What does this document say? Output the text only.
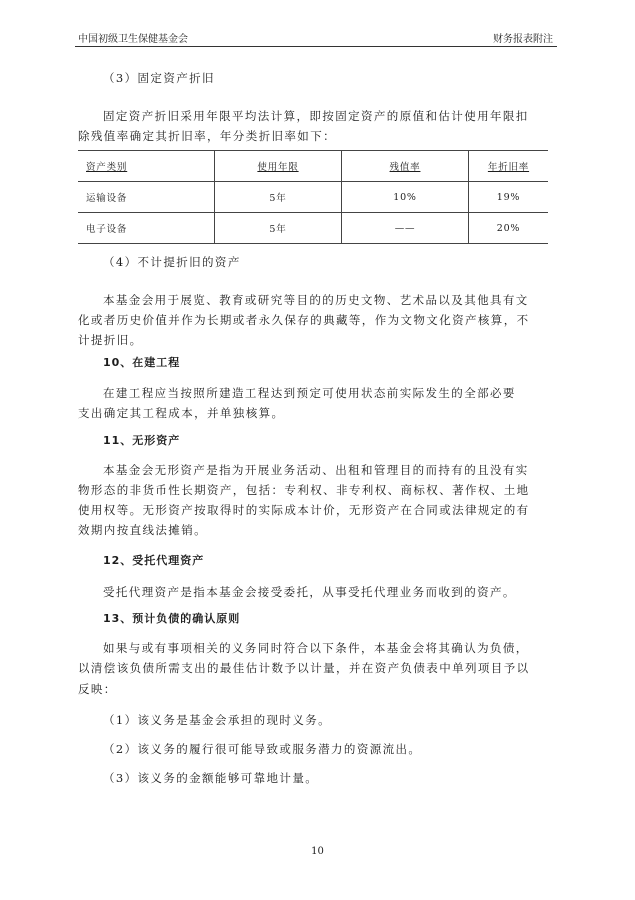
中国初级卫生保健基金会	财务报表附注
（3）固定资产折旧
固定资产折旧采用年限平均法计算，即按固定资产的原值和估计使用年限扣
除残值率确定其折旧率，年分类折旧率如下：
资产类别	使用年限	残值率	年折旧率
运输设备	5年	10%	19%
电子设备	5年	——	20%
（4）不计提折旧的资产
本基金会用于展览、教育或研究等目的的历史文物、艺术品以及其他具有文
化或者历史价值并作为长期或者永久保存的典藏等，作为文物文化资产核算，不
计提折旧。
10、在建工程
在建工程应当按照所建造工程达到预定可使用状态前实际发生的全部必要
支出确定其工程成本，并单独核算。
11、无形资产
本基金会无形资产是指为开展业务活动、出租和管理目的而持有的且没有实
物形态的非货币性长期资产，包括：专利权、非专利权、商标权、著作权、土地
使用权等。无形资产按取得时的实际成本计价，无形资产在合同或法律规定的有
效期内按直线法摊销。
12、受托代理资产
受托代理资产是指本基金会接受委托，从事受托代理业务而收到的资产。
13、预计负债的确认原则
如果与或有事项相关的义务同时符合以下条件，本基金会将其确认为负债，
以清偿该负债所需支出的最佳估计数予以计量，并在资产负债表中单列项目予以
反映：
（1）该义务是基金会承担的现时义务。
（2）该义务的履行很可能导致或服务潜力的资源流出。
（3）该义务的金额能够可靠地计量。
10
